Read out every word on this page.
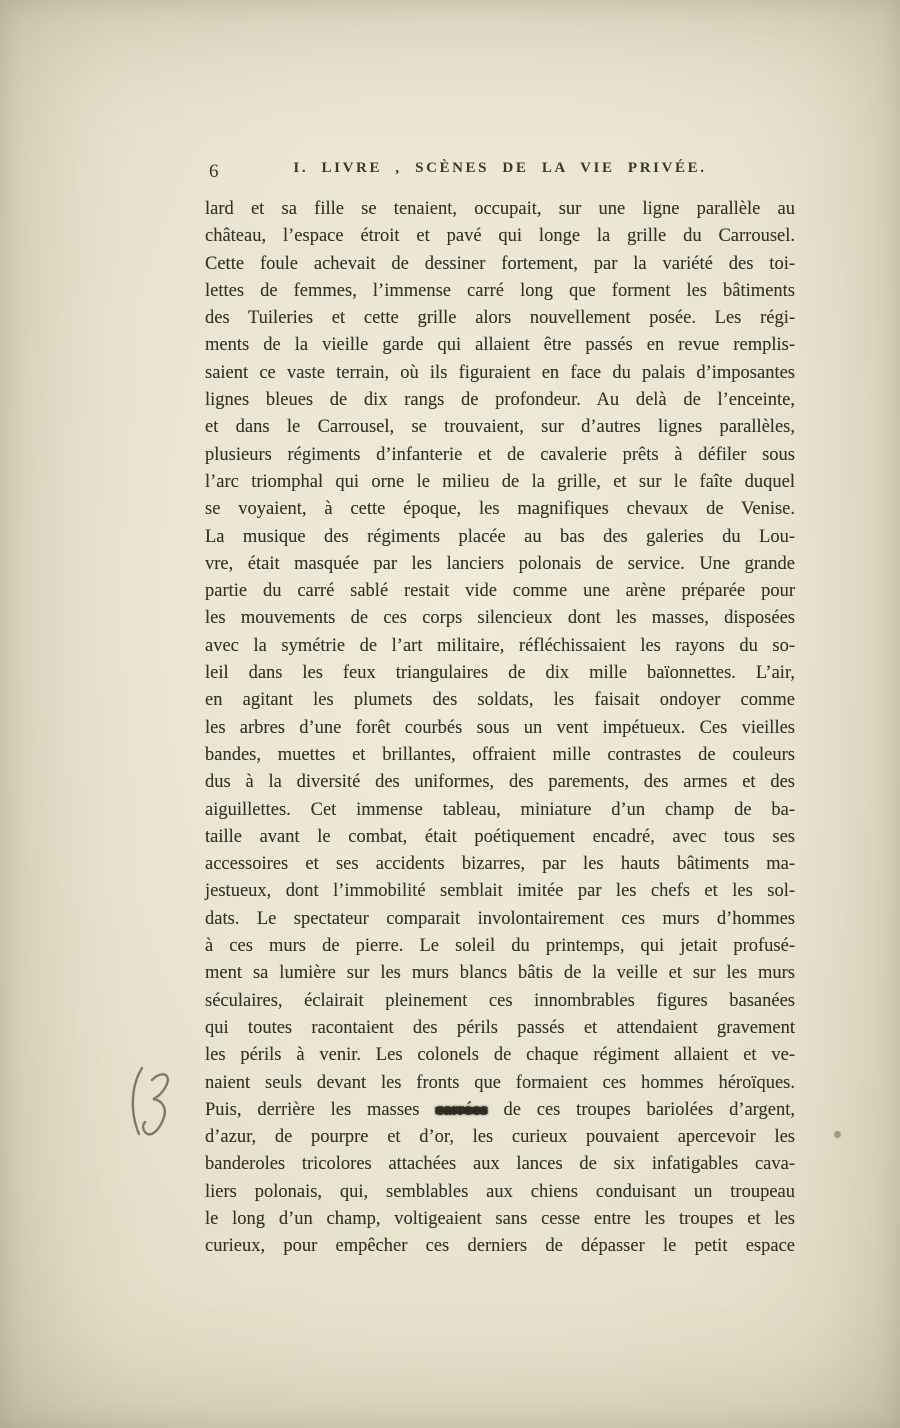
6	I. LIVRE , SCÈNES DE LA VIE PRIVÉE.
lard et sa fille se tenaient, occupait, sur une ligne parallèle au
château, l’espace étroit et pavé qui longe la grille du Carrousel.
Cette foule achevait de dessiner fortement, par la variété des toi-
lettes de femmes, l’immense carré long que forment les bâtiments
des Tuileries et cette grille alors nouvellement posée. Les régi-
ments de la vieille garde qui allaient être passés en revue remplis-
saient ce vaste terrain, où ils figuraient en face du palais d’imposantes
lignes bleues de dix rangs de profondeur. Au delà de l’enceinte,
et dans le Carrousel, se trouvaient, sur d’autres lignes parallèles,
plusieurs régiments d’infanterie et de cavalerie prêts à défiler sous
l’arc triomphal qui orne le milieu de la grille, et sur le faîte duquel
se voyaient, à cette époque, les magnifiques chevaux de Venise.
La musique des régiments placée au bas des galeries du Lou-
vre, était masquée par les lanciers polonais de service. Une grande
partie du carré sablé restait vide comme une arène préparée pour
les mouvements de ces corps silencieux dont les masses, disposées
avec la symétrie de l’art militaire, réfléchissaient les rayons du so-
leil dans les feux triangulaires de dix mille baïonnettes. L’air,
en agitant les plumets des soldats, les faisait ondoyer comme
les arbres d’une forêt courbés sous un vent impétueux. Ces vieilles
bandes, muettes et brillantes, offraient mille contrastes de couleurs
dus à la diversité des uniformes, des parements, des armes et des
aiguillettes. Cet immense tableau, miniature d’un champ de ba-
taille avant le combat, était poétiquement encadré, avec tous ses
accessoires et ses accidents bizarres, par les hauts bâtiments ma-
jestueux, dont l’immobilité semblait imitée par les chefs et les sol-
dats. Le spectateur comparait involontairement ces murs d’hommes
à ces murs de pierre. Le soleil du printemps, qui jetait profusé-
ment sa lumière sur les murs blancs bâtis de la veille et sur les murs
séculaires, éclairait pleinement ces innombrables figures basanées
qui toutes racontaient des périls passés et attendaient gravement
les périls à venir. Les colonels de chaque régiment allaient et ve-
naient seuls devant les fronts que formaient ces hommes héroïques.
Puis, derrière les masses carrées de ces troupes bariolées d’argent,
d’azur, de pourpre et d’or, les curieux pouvaient apercevoir les
banderoles tricolores attachées aux lances de six infatigables cava-
liers polonais, qui, semblables aux chiens conduisant un troupeau
le long d’un champ, voltigeaient sans cesse entre les troupes et les
curieux, pour empêcher ces derniers de dépasser le petit espace
